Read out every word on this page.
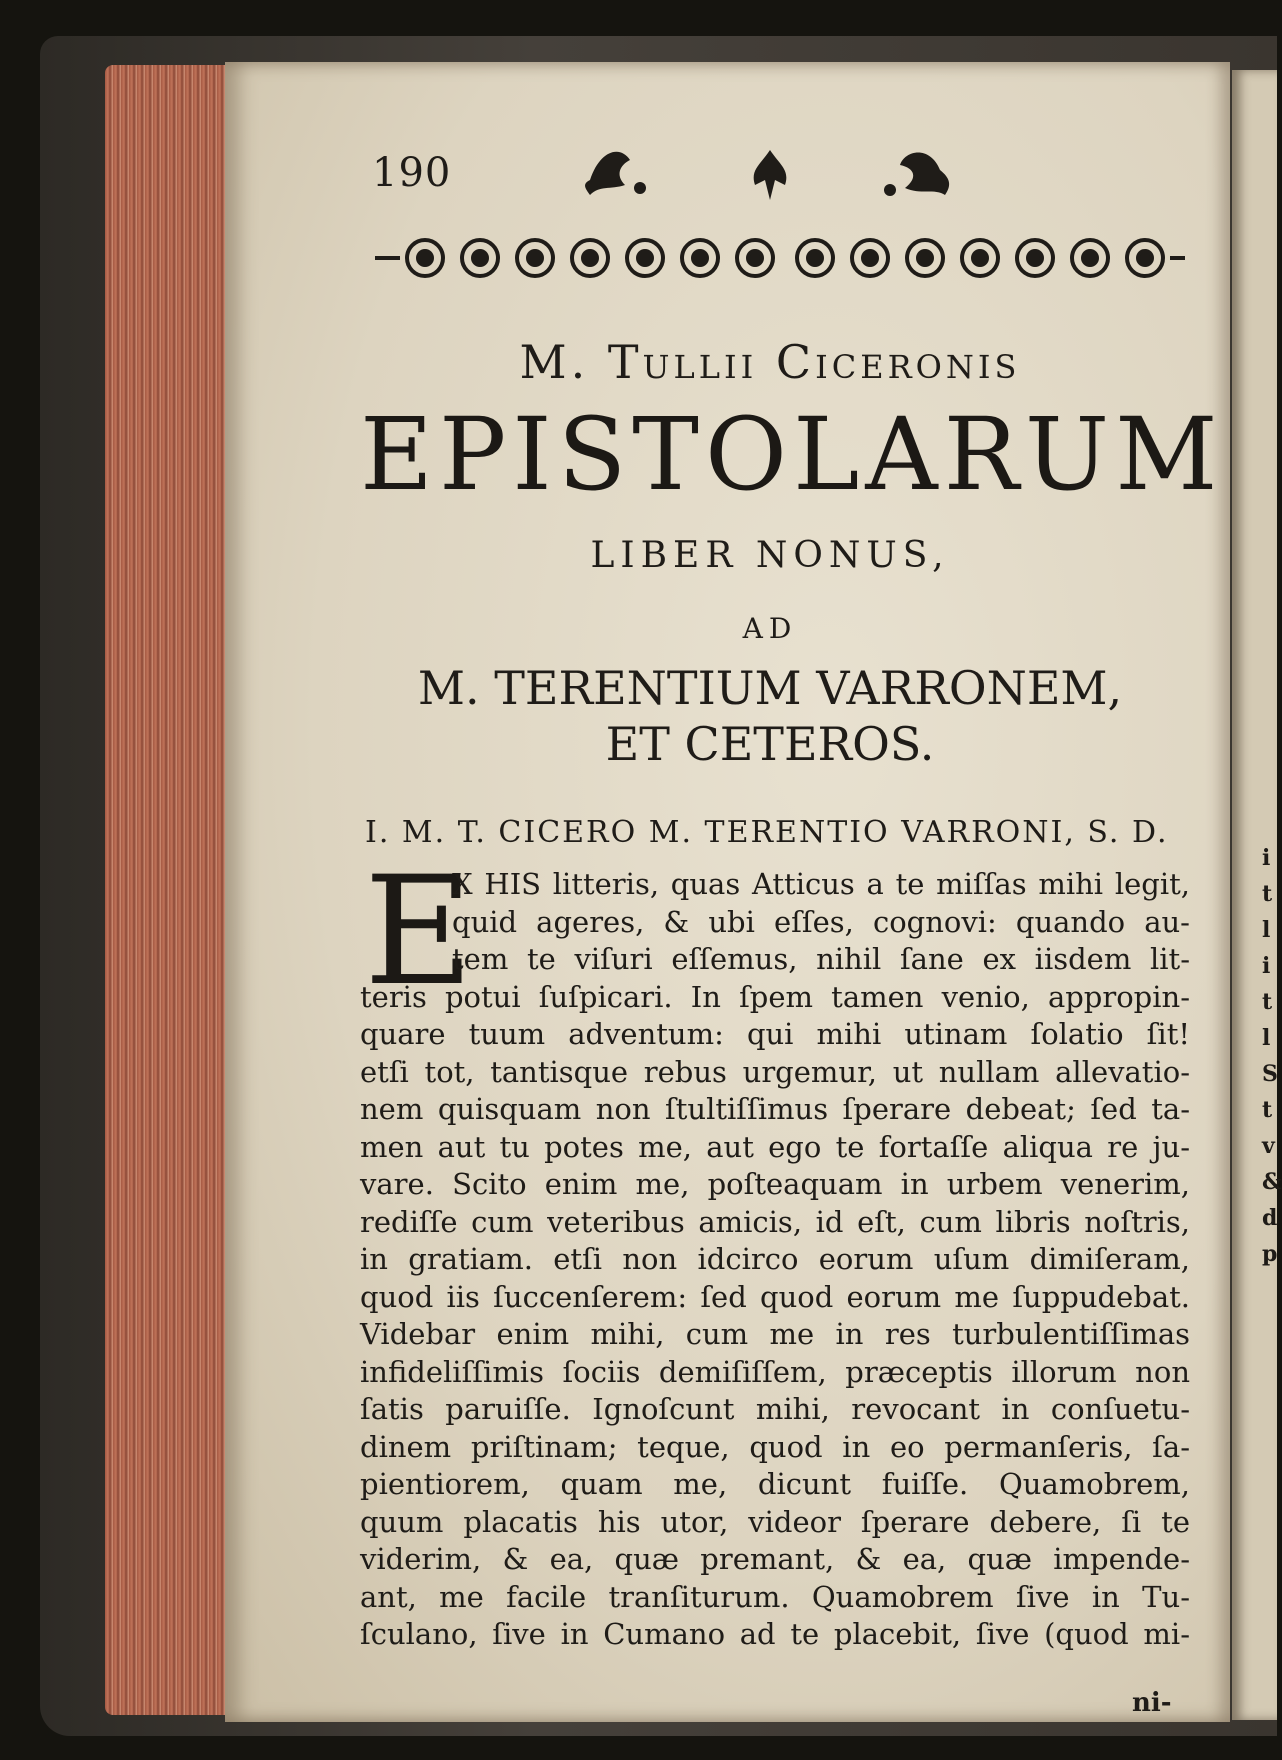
i
t
l
i
t
l
S
t
v
&
d
p
190
M. Tullii Ciceronis
EPISTOLARUM
LIBER NONUS,
AD
M. TERENTIUM VARRONEM,
ET CETEROS.
I. M. T. CICERO M. TERENTIO VARRONI, S. D.
E
X HIS litteris, quas Atticus a te miſſas mihi legit,
quid ageres, & ubi eſſes, cognovi: quando au-
tem te viſuri eſſemus, nihil ſane ex iisdem lit-
teris potui ſuſpicari. In ſpem tamen venio, appropin-
quare tuum adventum: qui mihi utinam ſolatio ſit!
etſi tot, tantisque rebus urgemur, ut nullam allevatio-
nem quisquam non ſtultiſſimus ſperare debeat; ſed ta-
men aut tu potes me, aut ego te fortaſſe aliqua re ju-
vare. Scito enim me, poſteaquam in urbem venerim,
rediſſe cum veteribus amicis, id eſt, cum libris noſtris,
in gratiam. etſi non idcirco eorum uſum dimiſeram,
quod iis ſuccenſerem: ſed quod eorum me ſuppudebat.
Videbar enim mihi, cum me in res turbulentiſſimas
infideliſſimis ſociis demiſiſſem, præceptis illorum non
ſatis paruiſſe. Ignoſcunt mihi, revocant in conſuetu-
dinem priſtinam; teque, quod in eo permanſeris, ſa-
pientiorem, quam me, dicunt fuiſſe. Quamobrem,
quum placatis his utor, videor ſperare debere, ſi te
viderim, & ea, quæ premant, & ea, quæ impende-
ant, me facile tranſiturum. Quamobrem ſive in Tu-
ſculano, ſive in Cumano ad te placebit, ſive (quod mi-
ni-
